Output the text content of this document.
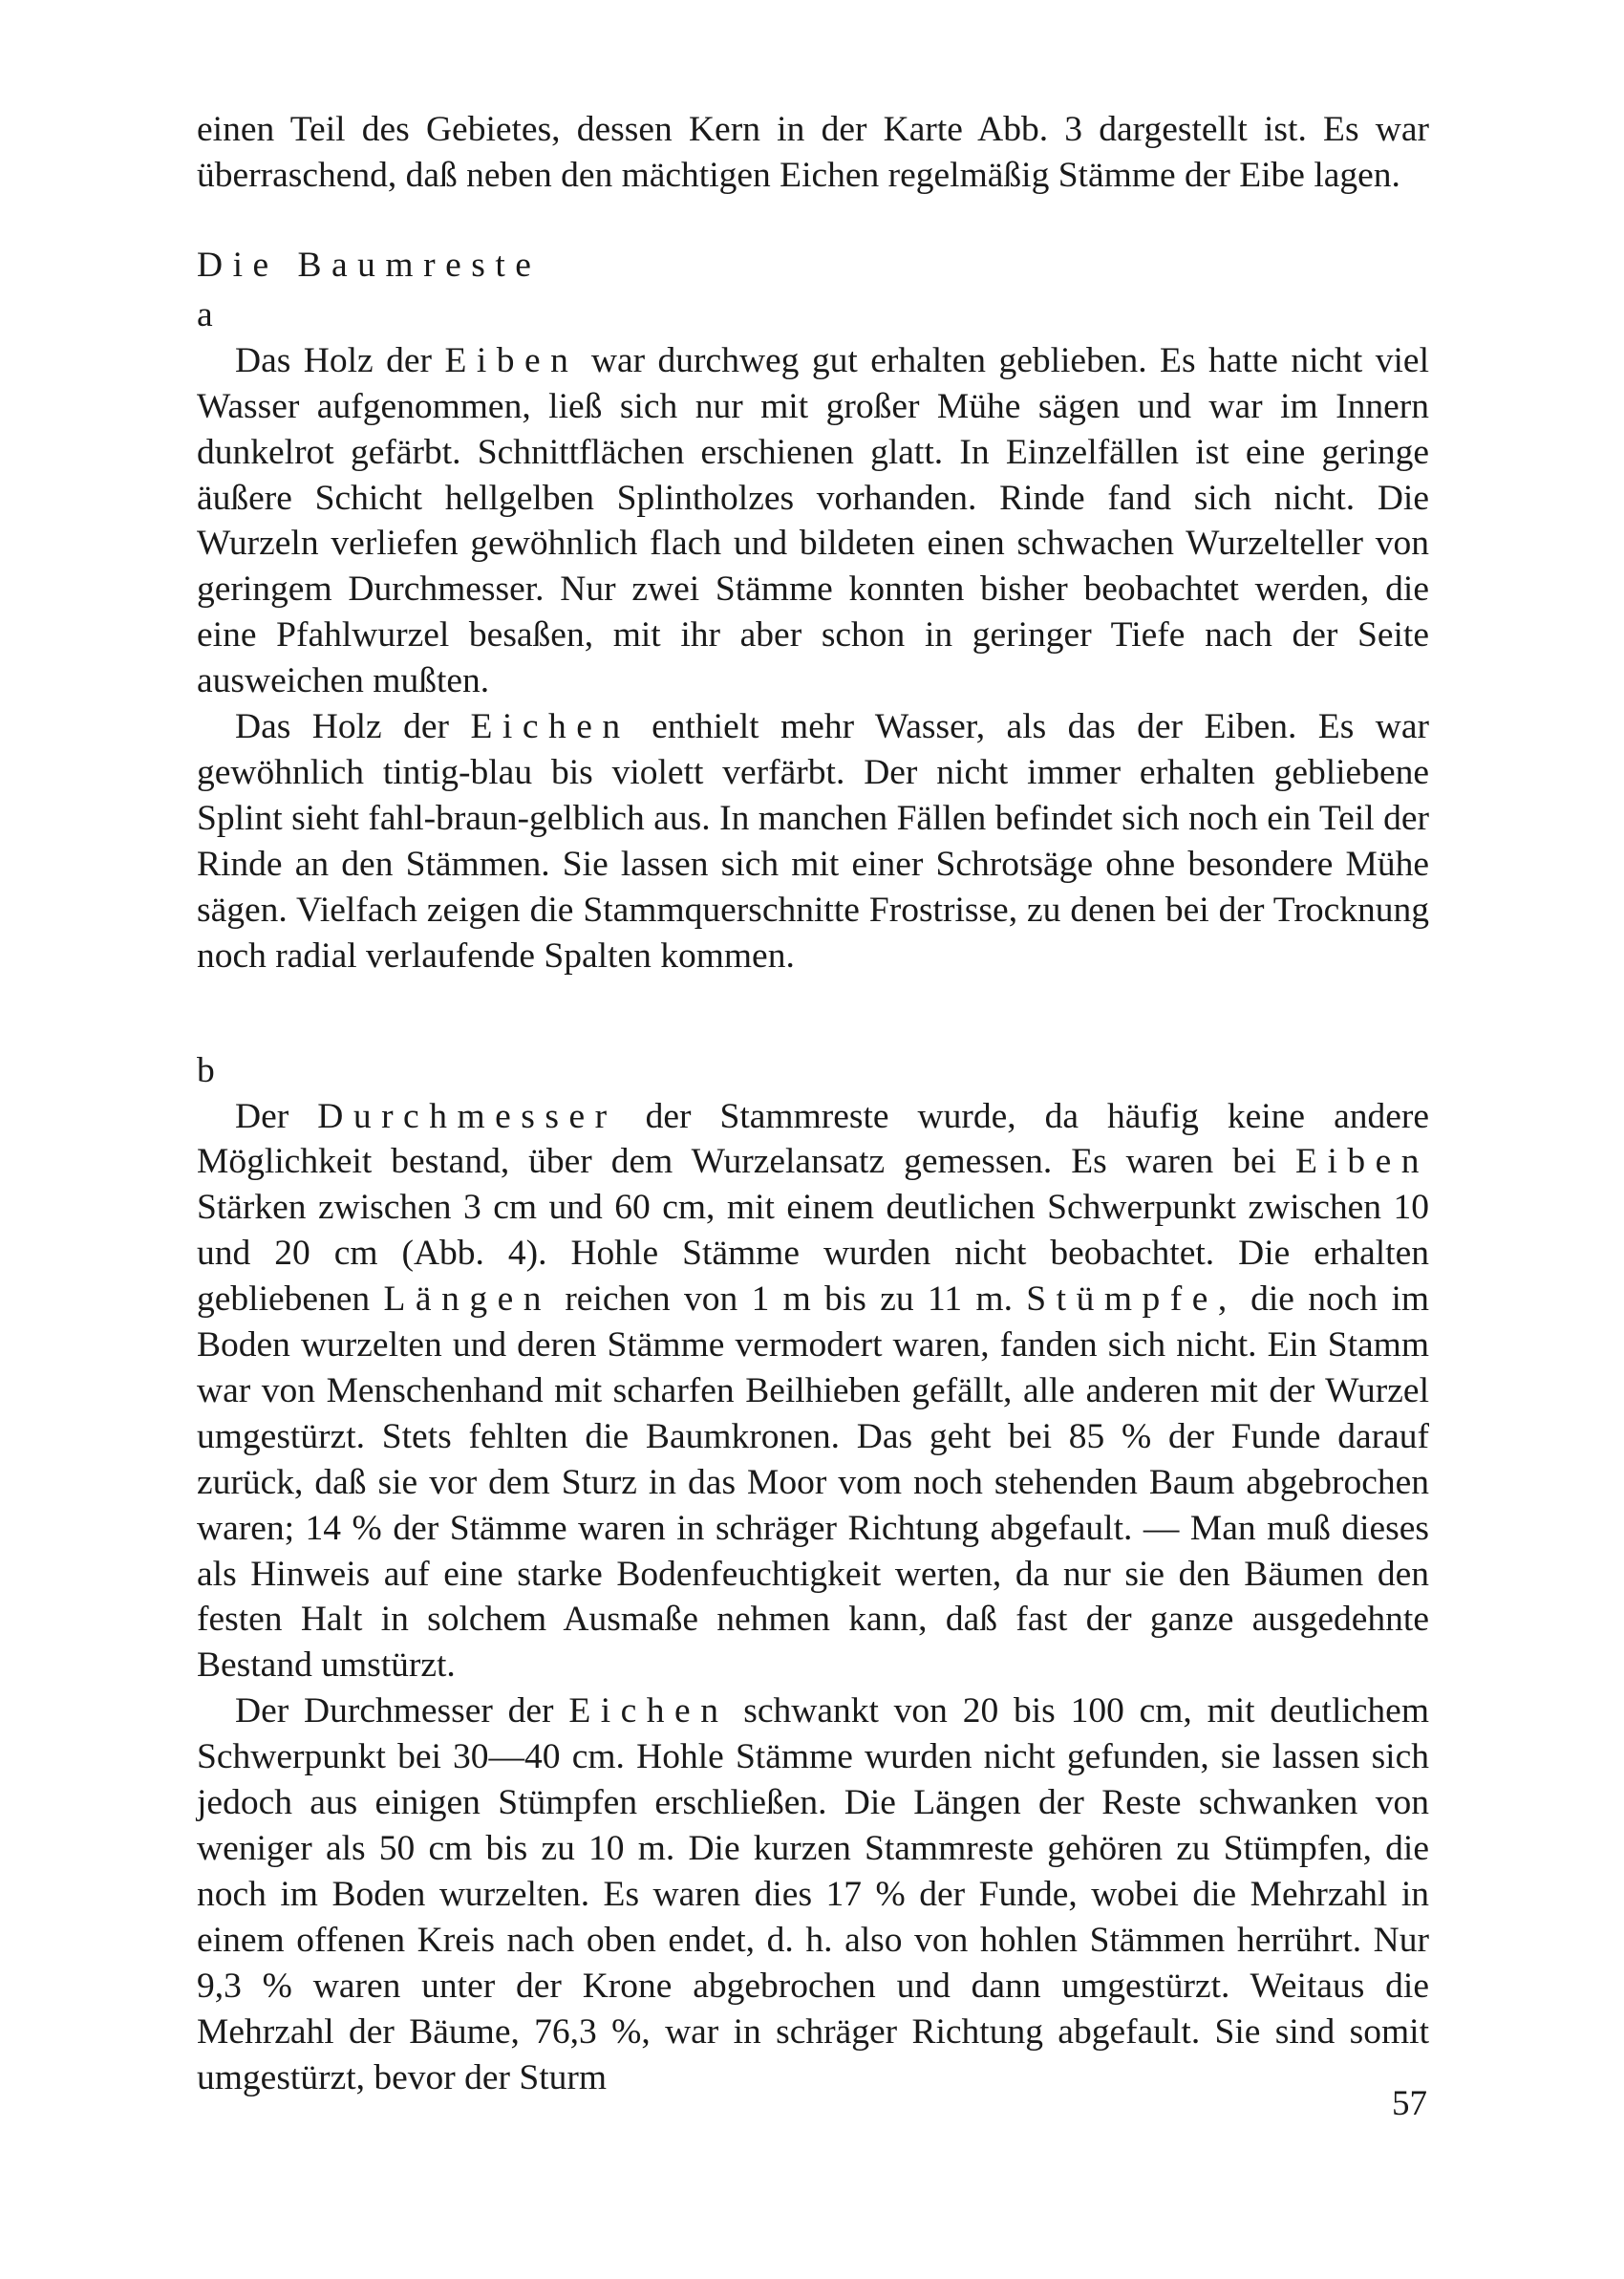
einen Teil des Gebietes, dessen Kern in der Karte Abb. 3 dargestellt ist. Es war überraschend, daß neben den mächtigen Eichen regelmäßig Stämme der Eibe lagen.

Die Baumreste
a

Das Holz der Eiben war durchweg gut erhalten geblieben. Es hatte nicht viel Wasser aufgenommen, ließ sich nur mit großer Mühe sägen und war im Innern dunkelrot gefärbt. Schnittflächen erschienen glatt. In Einzelfällen ist eine geringe äußere Schicht hellgelben Splintholzes vorhanden. Rinde fand sich nicht. Die Wurzeln verliefen gewöhnlich flach und bildeten einen schwachen Wurzelteller von geringem Durchmesser. Nur zwei Stämme konnten bisher beobachtet werden, die eine Pfahlwurzel besaßen, mit ihr aber schon in geringer Tiefe nach der Seite ausweichen mußten.

Das Holz der Eichen enthielt mehr Wasser, als das der Eiben. Es war gewöhnlich tintig-blau bis violett verfärbt. Der nicht immer erhalten gebliebene Splint sieht fahl-braun-gelblich aus. In manchen Fällen befindet sich noch ein Teil der Rinde an den Stämmen. Sie lassen sich mit einer Schrotsäge ohne besondere Mühe sägen. Vielfach zeigen die Stammquerschnitte Frostrisse, zu denen bei der Trocknung noch radial verlaufende Spalten kommen.

b

Der Durchmesser der Stammreste wurde, da häufig keine andere Möglichkeit bestand, über dem Wurzelansatz gemessen. Es waren bei Eiben Stärken zwischen 3 cm und 60 cm, mit einem deutlichen Schwerpunkt zwischen 10 und 20 cm (Abb. 4). Hohle Stämme wurden nicht beobachtet. Die erhalten gebliebenen Längen reichen von 1 m bis zu 11 m. Stümpfe, die noch im Boden wurzelten und deren Stämme vermodert waren, fanden sich nicht. Ein Stamm war von Menschenhand mit scharfen Beilhieben gefällt, alle anderen mit der Wurzel umgestürzt. Stets fehlten die Baumkronen. Das geht bei 85 % der Funde darauf zurück, daß sie vor dem Sturz in das Moor vom noch stehenden Baum abgebrochen waren; 14 % der Stämme waren in schräger Richtung abgefault. — Man muß dieses als Hinweis auf eine starke Bodenfeuchtigkeit werten, da nur sie den Bäumen den festen Halt in solchem Ausmaße nehmen kann, daß fast der ganze ausgedehnte Bestand umstürzt.

Der Durchmesser der Eichen schwankt von 20 bis 100 cm, mit deutlichem Schwerpunkt bei 30—40 cm. Hohle Stämme wurden nicht gefunden, sie lassen sich jedoch aus einigen Stümpfen erschließen. Die Längen der Reste schwanken von weniger als 50 cm bis zu 10 m. Die kurzen Stammreste gehören zu Stümpfen, die noch im Boden wurzelten. Es waren dies 17 % der Funde, wobei die Mehrzahl in einem offenen Kreis nach oben endet, d. h. also von hohlen Stämmen herrührt. Nur 9,3 % waren unter der Krone abgebrochen und dann umgestürzt. Weitaus die Mehrzahl der Bäume, 76,3 %, war in schräger Richtung abgefault. Sie sind somit umgestürzt, bevor der Sturm

57
